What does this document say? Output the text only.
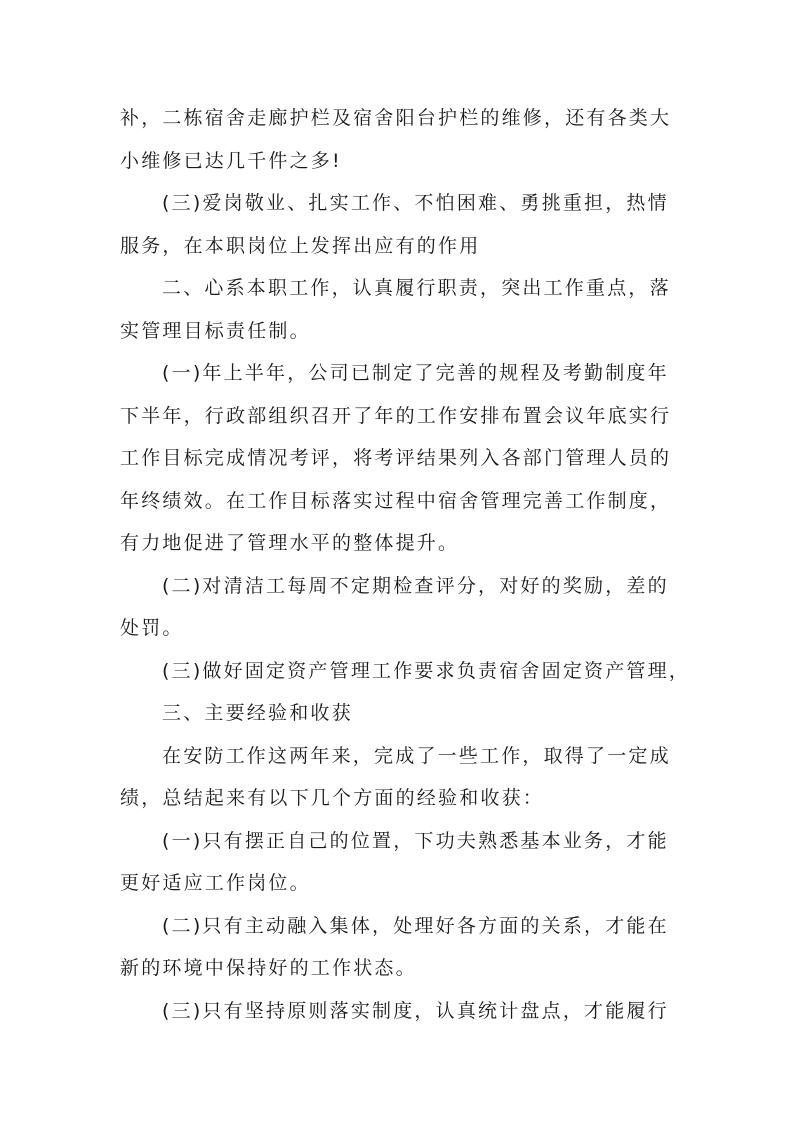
补，二栋宿舍走廊护栏及宿舍阳台护栏的维修，还有各类大
小维修已达几千件之多!
(三)爱岗敬业、扎实工作、不怕困难、勇挑重担，热情
服务，在本职岗位上发挥出应有的作用
二、心系本职工作，认真履行职责，突出工作重点，落
实管理目标责任制。
(一)年上半年，公司已制定了完善的规程及考勤制度年
下半年，行政部组织召开了年的工作安排布置会议年底实行
工作目标完成情况考评，将考评结果列入各部门管理人员的
年终绩效。在工作目标落实过程中宿舍管理完善工作制度，
有力地促进了管理水平的整体提升。
(二)对清洁工每周不定期检查评分，对好的奖励，差的
处罚。
(三)做好固定资产管理工作要求负责宿舍固定资产管理，
三、主要经验和收获
在安防工作这两年来，完成了一些工作，取得了一定成
绩，总结起来有以下几个方面的经验和收获：
(一)只有摆正自己的位置，下功夫熟悉基本业务，才能
更好适应工作岗位。
(二)只有主动融入集体，处理好各方面的关系，才能在
新的环境中保持好的工作状态。
(三)只有坚持原则落实制度，认真统计盘点，才能履行
